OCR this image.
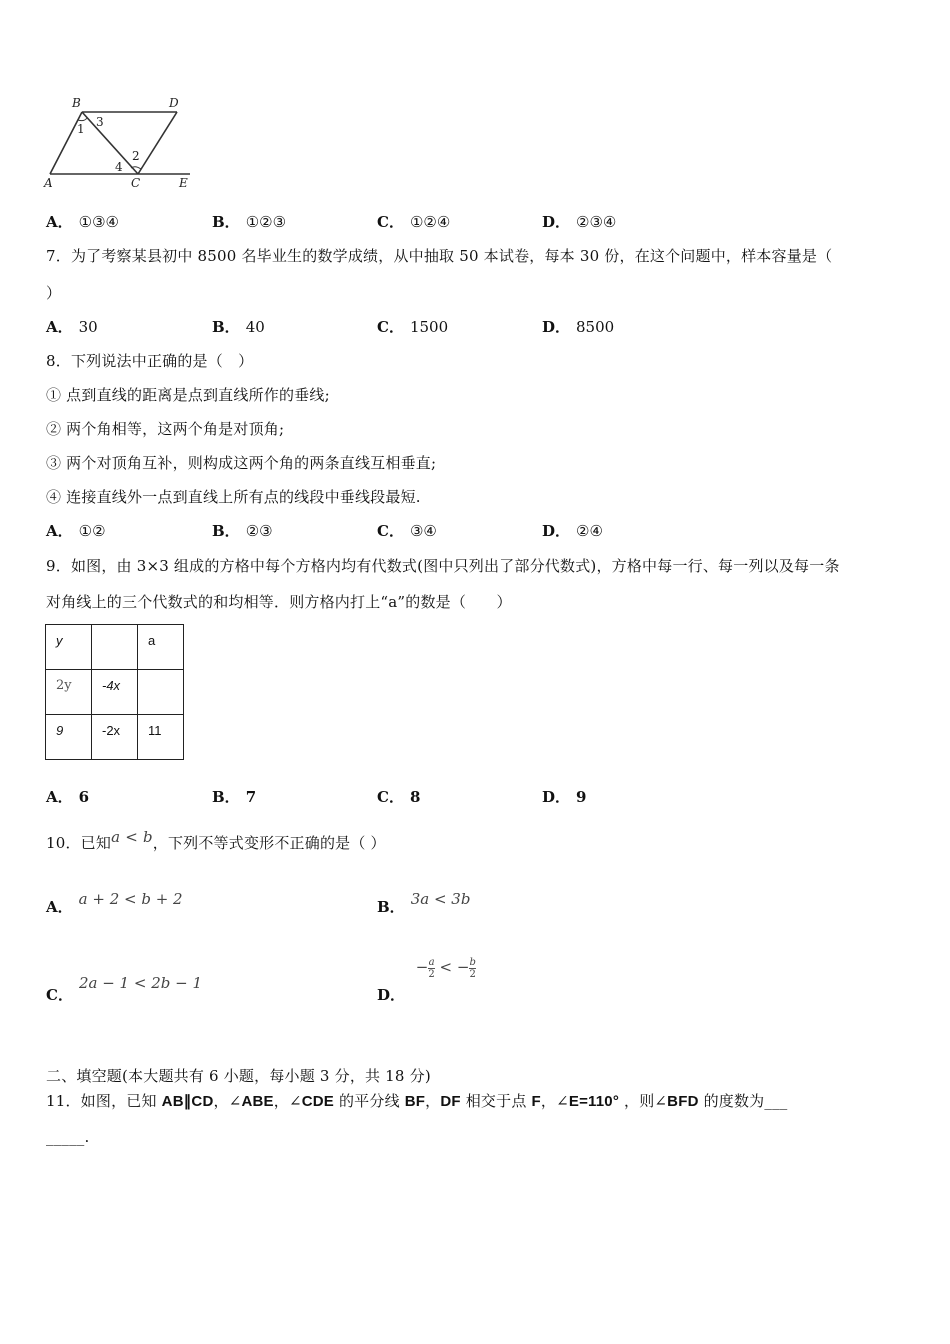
B	D
A	C	E
1 3
4
2
A． ①③④	B． ①②③	C． ①②④	D． ②③④
7．为了考察某县初中 8500 名毕业生的数学成绩，从中抽取 50 本试卷，每本 30 份，在这个问题中，样本容量是（
）
A． 30	B． 40	C． 1500	D． 8500
8．下列说法中正确的是（　）
① 点到直线的距离是点到直线所作的垂线;
② 两个角相等，这两个角是对顶角;
③ 两个对顶角互补，则构成这两个角的两条直线互相垂直;
④ 连接直线外一点到直线上所有点的线段中垂线段最短.
A． ①②	B． ②③	C． ③④	D． ②④
9．如图，由 3×3 组成的方格中每个方格内均有代数式(图中只列出了部分代数式)，方格中每一行、每一列以及每一条
对角线上的三个代数式的和均相等．则方格内打上“a”的数是（　　）
y		a
2y	-4x	
9	-2x	11
A． 6	B． 7	C． 8	D． 9
10．已知a < b，下列不等式变形不正确的是（ ）
A． a + 2 < b + 2	B． 3a < 3b
C．2a − 1 < 2b − 1
D． − $\frac{a}{2}$ < − $\frac{b}{2}$
二、填空题(本大题共有 6 小题，每小题 3 分，共 18 分)
11．如图，已知 AB∥CD，∠ABE，∠CDE 的平分线 BF，DF 相交于点 F，∠E=110° ，则∠BFD 的度数为___
_____.
